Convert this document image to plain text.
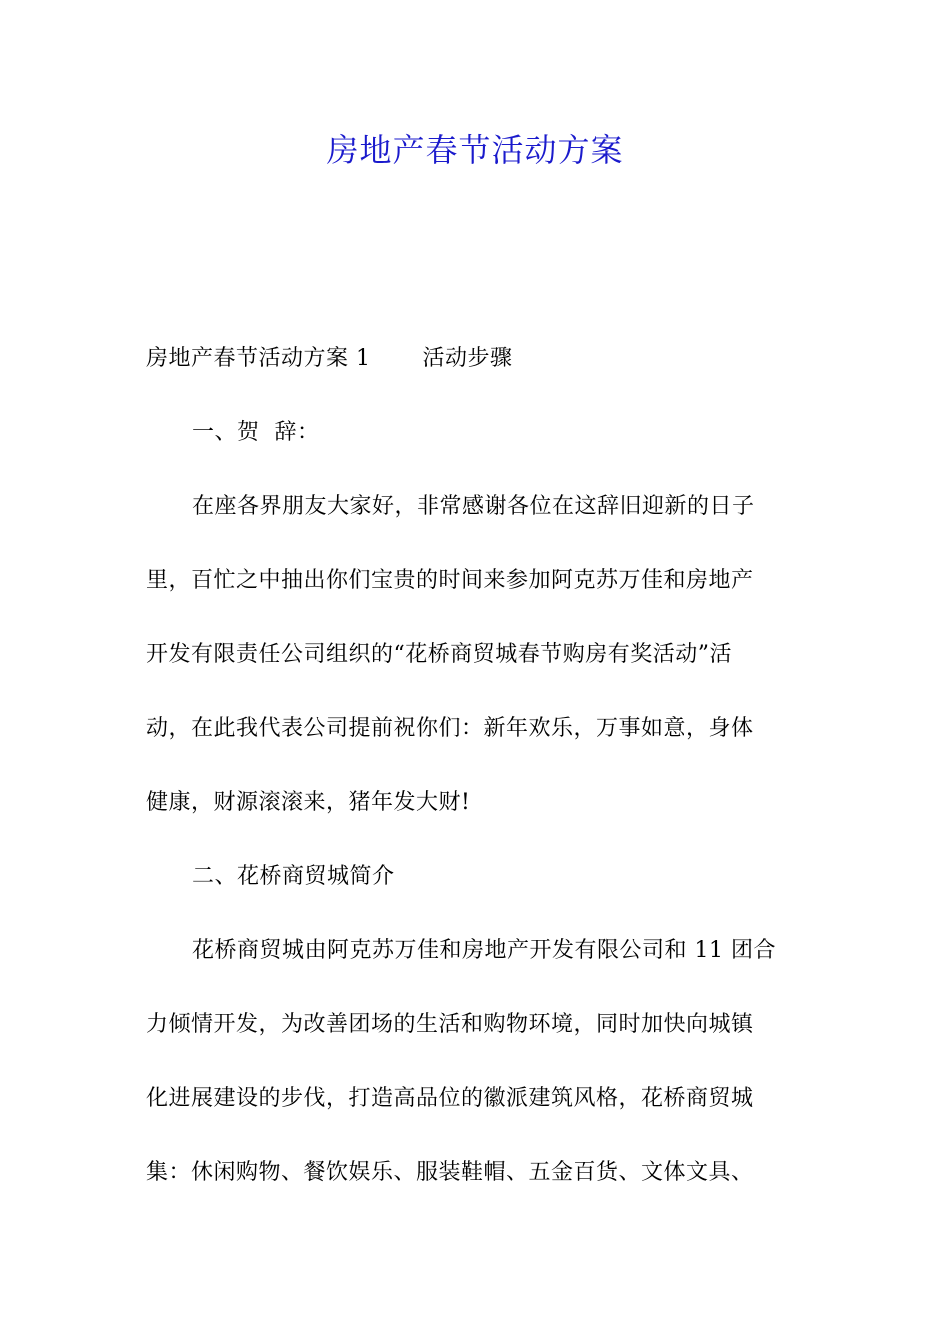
房地产春节活动方案
房地产春节活动方案 1 活动步骤
一、贺  辞：
在座各界朋友大家好，非常感谢各位在这辞旧迎新的日子
里，百忙之中抽出你们宝贵的时间来参加阿克苏万佳和房地产
开发有限责任公司组织的“花桥商贸城春节购房有奖活动”活
动，在此我代表公司提前祝你们：新年欢乐，万事如意，身体
健康，财源滚滚来，猪年发大财!
二、花桥商贸城简介
花桥商贸城由阿克苏万佳和房地产开发有限公司和 11 团合
力倾情开发，为改善团场的生活和购物环境，同时加快向城镇
化进展建设的步伐，打造高品位的徽派建筑风格，花桥商贸城
集：休闲购物、餐饮娱乐、服装鞋帽、五金百货、文体文具、
